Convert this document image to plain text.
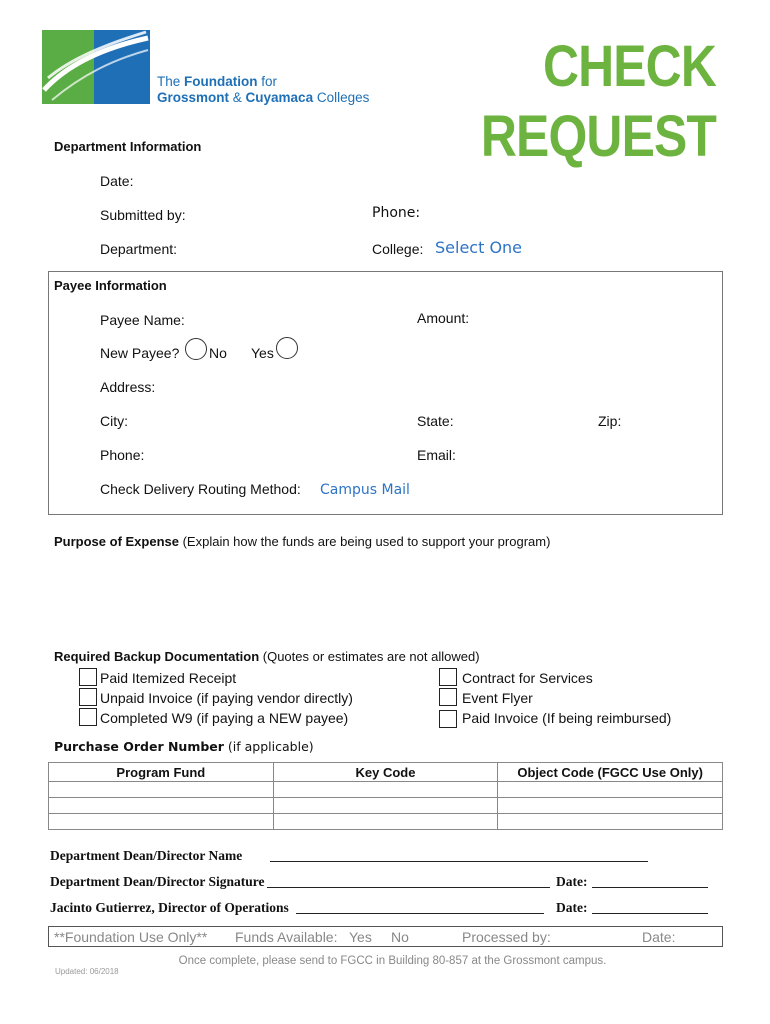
The Foundation for
Grossmont & Cuyamaca Colleges	CHECK
REQUEST
Department Information
Date:
Submitted by:	Phone:
Department:	College: Select One
Payee Information
Payee Name:	Amount:
New Payee? No Yes
Address:
City:	State:	Zip:
Phone:	Email:
Check Delivery Routing Method: Campus Mail
Purpose of Expense (Explain how the funds are being used to support your program)
Required Backup Documentation (Quotes or estimates are not allowed)
Paid Itemized Receipt
Unpaid Invoice (if paying vendor directly)
Completed W9 (if paying a NEW payee)
Contract for Services
Event Flyer
Paid Invoice (If being reimbursed)
Purchase Order Number (if applicable)
Program Fund	Key Code	Object Code (FGCC Use Only)

Department Dean/Director Name
Department Dean/Director Signature	Date:
Jacinto Gutierrez, Director of Operations	Date:
**Foundation Use Only** Funds Available: Yes No	Processed by:	Date:
Once complete, please send to FGCC in Building 80-857 at the Grossmont campus.
Updated: 06/2018
